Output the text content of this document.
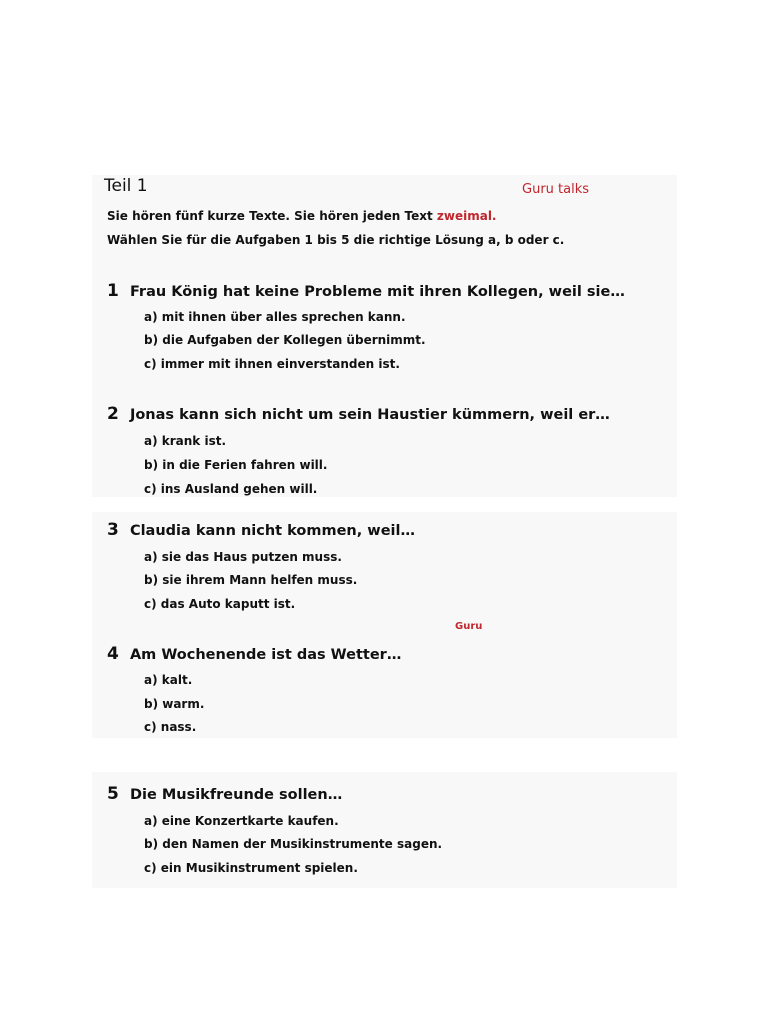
Teil 1	Guru talks
Sie hören fünf kurze Texte. Sie hören jeden Text zweimal.
Wählen Sie für die Aufgaben 1 bis 5 die richtige Lösung a, b oder c.
1 Frau König hat keine Probleme mit ihren Kollegen, weil sie…
a) mit ihnen über alles sprechen kann.
b) die Aufgaben der Kollegen übernimmt.
c) immer mit ihnen einverstanden ist.
2 Jonas kann sich nicht um sein Haustier kümmern, weil er…
a) krank ist.
b) in die Ferien fahren will.
c) ins Ausland gehen will.
3 Claudia kann nicht kommen, weil…
a) sie das Haus putzen muss.
b) sie ihrem Mann helfen muss.
c) das Auto kaputt ist.
Guru
4 Am Wochenende ist das Wetter…
a) kalt.
b) warm.
c) nass.
5 Die Musikfreunde sollen…
a) eine Konzertkarte kaufen.
b) den Namen der Musikinstrumente sagen.
c) ein Musikinstrument spielen.
